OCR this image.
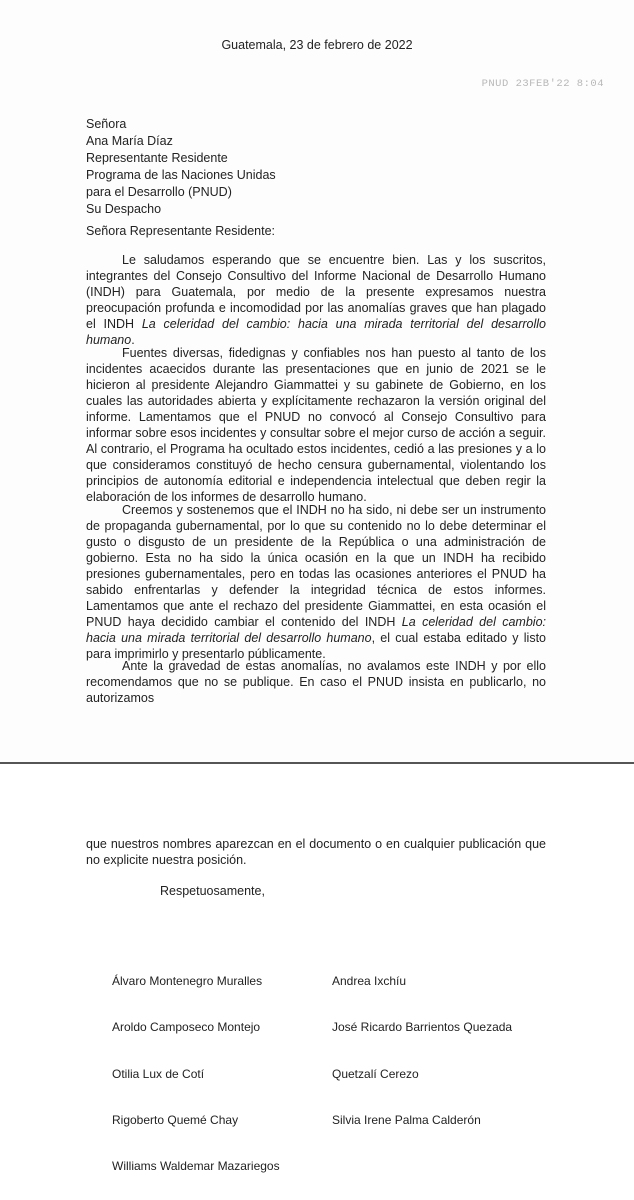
Guatemala, 23 de febrero de 2022
PNUD 23FEB'22 8:04
Señora
Ana María Díaz
Representante Residente
Programa de las Naciones Unidas
para el Desarrollo (PNUD)
Su Despacho
Señora Representante Residente:

Le saludamos esperando que se encuentre bien. Las y los suscritos, integrantes del Consejo Consultivo del Informe Nacional de Desarrollo Humano (INDH) para Guatemala, por medio de la presente expresamos nuestra preocupación profunda e incomodidad por las anomalías graves que han plagado el INDH La celeridad del cambio: hacia una mirada territorial del desarrollo humano.

Fuentes diversas, fidedignas y confiables nos han puesto al tanto de los incidentes acaecidos durante las presentaciones que en junio de 2021 se le hicieron al presidente Alejandro Giammattei y su gabinete de Gobierno, en los cuales las autoridades abierta y explícitamente rechazaron la versión original del informe. Lamentamos que el PNUD no convocó al Consejo Consultivo para informar sobre esos incidentes y consultar sobre el mejor curso de acción a seguir. Al contrario, el Programa ha ocultado estos incidentes, cedió a las presiones y a lo que consideramos constituyó de hecho censura gubernamental, violentando los principios de autonomía editorial e independencia intelectual que deben regir la elaboración de los informes de desarrollo humano.

Creemos y sostenemos que el INDH no ha sido, ni debe ser un instrumento de propaganda gubernamental, por lo que su contenido no lo debe determinar el gusto o disgusto de un presidente de la República o una administración de gobierno. Esta no ha sido la única ocasión en la que un INDH ha recibido presiones gubernamentales, pero en todas las ocasiones anteriores el PNUD ha sabido enfrentarlas y defender la integridad técnica de estos informes. Lamentamos que ante el rechazo del presidente Giammattei, en esta ocasión el PNUD haya decidido cambiar el contenido del INDH La celeridad del cambio: hacia una mirada territorial del desarrollo humano, el cual estaba editado y listo para imprimirlo y presentarlo públicamente.

Ante la gravedad de estas anomalías, no avalamos este INDH y por ello recomendamos que no se publique. En caso el PNUD insista en publicarlo, no autorizamos

que nuestros nombres aparezcan en el documento o en cualquier publicación que no explicite nuestra posición.

Respetuosamente,
Álvaro Montenegro Muralles	Andrea Ixchíu
Aroldo Camposeco Montejo	José Ricardo Barrientos Quezada
Otilia Lux de Cotí	Quetzalí Cerezo
Rigoberto Quemé Chay	Silvia Irene Palma Calderón
Williams Waldemar Mazariegos
